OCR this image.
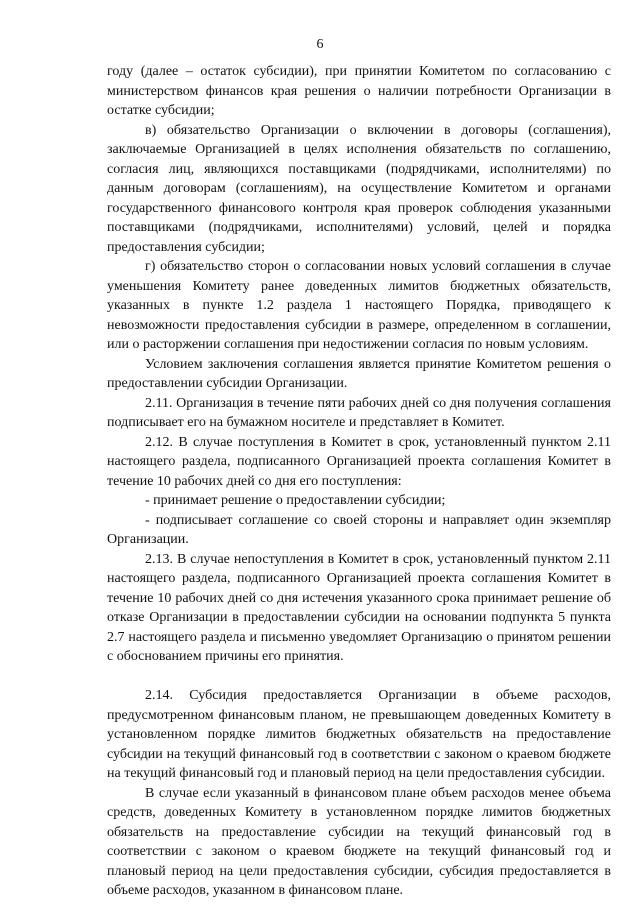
6

году (далее – остаток субсидии), при принятии Комитетом по согласованию с министерством финансов края решения о наличии потребности Организации в остатке субсидии;

в) обязательство Организации о включении в договоры (соглашения), заключаемые Организацией в целях исполнения обязательств по соглашению, согласия лиц, являющихся поставщиками (подрядчиками, исполнителями) по данным договорам (соглашениям), на осуществление Комитетом и органами государственного финансового контроля края проверок соблюдения указанными поставщиками (подрядчиками, исполнителями) условий, целей и порядка предоставления субсидии;

г) обязательство сторон о согласовании новых условий соглашения в случае уменьшения Комитету ранее доведенных лимитов бюджетных обязательств, указанных в пункте 1.2 раздела 1 настоящего Порядка, приводящего к невозможности предоставления субсидии в размере, определенном в соглашении, или о расторжении соглашения при недостижении согласия по новым условиям.

Условием заключения соглашения является принятие Комитетом решения о предоставлении субсидии Организации.

2.11. Организация в течение пяти рабочих дней со дня получения соглашения подписывает его на бумажном носителе и представляет в Комитет.

2.12. В случае поступления в Комитет в срок, установленный пунктом 2.11 настоящего раздела, подписанного Организацией проекта соглашения Комитет в течение 10 рабочих дней со дня его поступления:

- принимает решение о предоставлении субсидии;

- подписывает соглашение со своей стороны и направляет один экземпляр Организации.

2.13. В случае непоступления в Комитет в срок, установленный пунктом 2.11 настоящего раздела, подписанного Организацией проекта соглашения Комитет в течение 10 рабочих дней со дня истечения указанного срока принимает решение об отказе Организации в предоставлении субсидии на основании подпункта 5 пункта 2.7 настоящего раздела и письменно уведомляет Организацию о принятом решении с обоснованием причины его принятия.

2.14. Субсидия предоставляется Организации в объеме расходов, предусмотренном финансовым планом, не превышающем доведенных Комитету в установленном порядке лимитов бюджетных обязательств на предоставление субсидии на текущий финансовый год в соответствии с законом о краевом бюджете на текущий финансовый год и плановый период на цели предоставления субсидии.

В случае если указанный в финансовом плане объем расходов менее объема средств, доведенных Комитету в установленном порядке лимитов бюджетных обязательств на предоставление субсидии на текущий финансовый год в соответствии с законом о краевом бюджете на текущий финансовый год и плановый период на цели предоставления субсидии, субсидия предоставляется в объеме расходов, указанном в финансовом плане.
